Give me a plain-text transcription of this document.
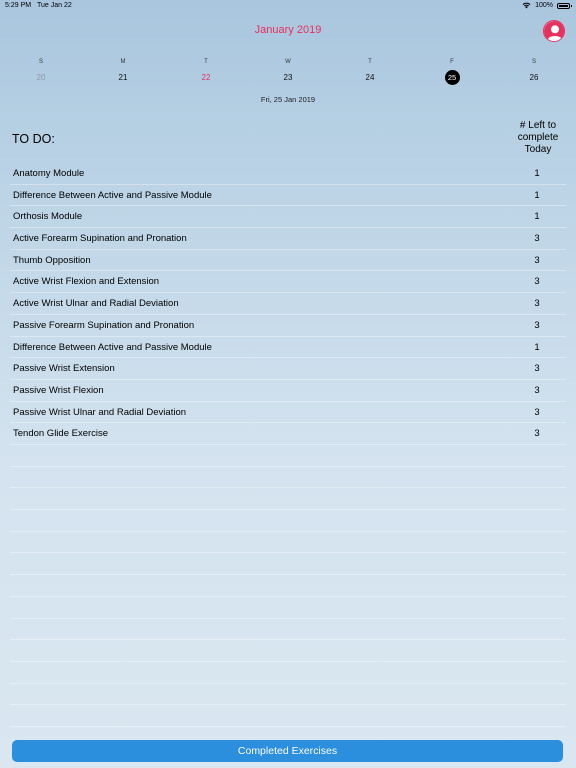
5:29 PM Tue Jan 22	100%
January 2019
S	M	T	W	T	F	S
20	21	22	23	24	25	26
Fri, 25 Jan 2019
TO DO:
# Left to
complete
Today
Anatomy Module	1
Difference Between Active and Passive Module	1
Orthosis Module	1
Active Forearm Supination and Pronation	3
Thumb Opposition	3
Active Wrist Flexion and Extension	3
Active Wrist Ulnar and Radial Deviation	3
Passive Forearm Supination and Pronation	3
Difference Between Active and Passive Module	1
Passive Wrist Extension	3
Passive Wrist Flexion	3
Passive Wrist Ulnar and Radial Deviation	3
Tendon Glide Exercise	3
Completed Exercises
